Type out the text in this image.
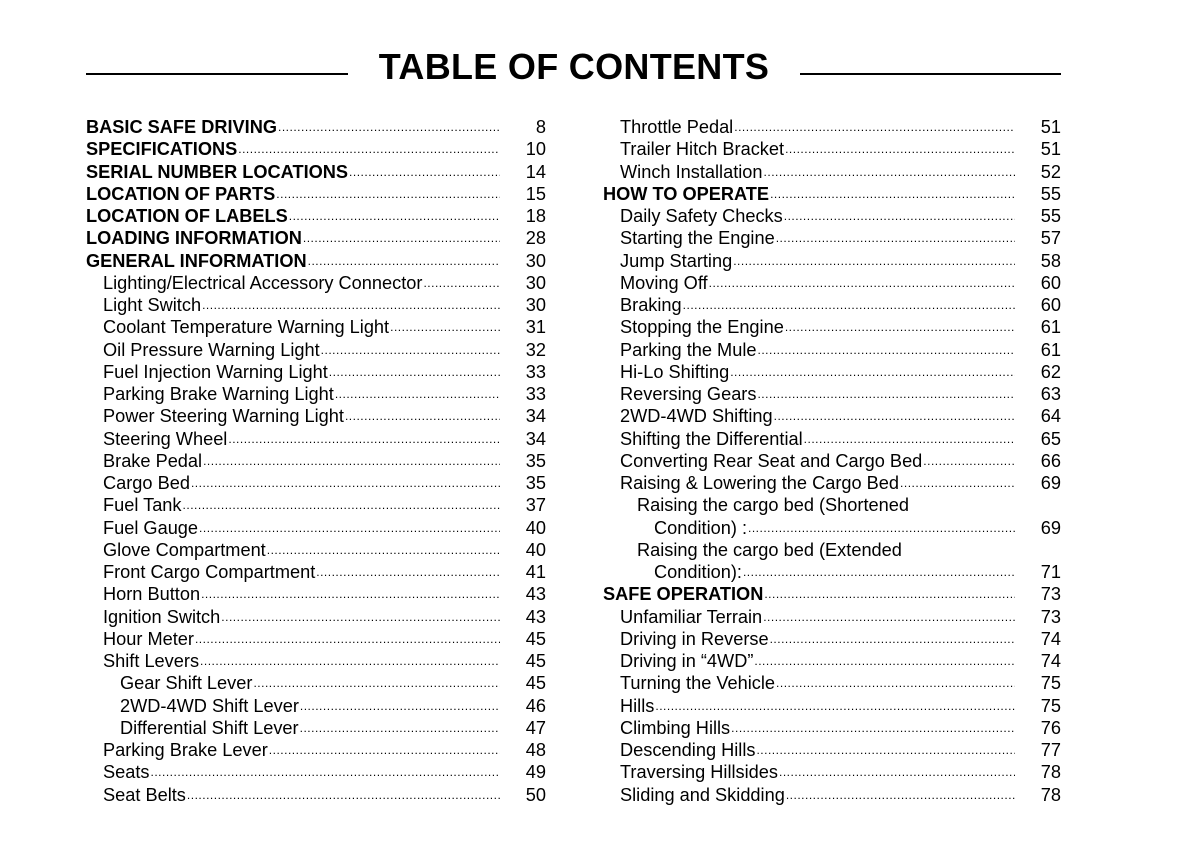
TABLE OF CONTENTS
BASIC SAFE DRIVING .....	8
SPECIFICATIONS .....	10
SERIAL NUMBER LOCATIONS .....	14
LOCATION OF PARTS .....	15
LOCATION OF LABELS .....	18
LOADING INFORMATION .....	28
GENERAL INFORMATION .....	30
Lighting/Electrical Accessory Connector .....	30
Light Switch .....	30
Coolant Temperature Warning Light .....	31
Oil Pressure Warning Light .....	32
Fuel Injection Warning Light .....	33
Parking Brake Warning Light .....	33
Power Steering Warning Light .....	34
Steering Wheel .....	34
Brake Pedal .....	35
Cargo Bed .....	35
Fuel Tank .....	37
Fuel Gauge .....	40
Glove Compartment .....	40
Front Cargo Compartment .....	41
Horn Button .....	43
Ignition Switch .....	43
Hour Meter .....	45
Shift Levers .....	45
Gear Shift Lever .....	45
2WD-4WD Shift Lever .....	46
Differential Shift Lever .....	47
Parking Brake Lever .....	48
Seats .....	49
Seat Belts .....	50
Throttle Pedal .....	51
Trailer Hitch Bracket .....	51
Winch Installation .....	52
HOW TO OPERATE .....	55
Daily Safety Checks .....	55
Starting the Engine .....	57
Jump Starting .....	58
Moving Off .....	60
Braking .....	60
Stopping the Engine .....	61
Parking the Mule .....	61
Hi-Lo Shifting .....	62
Reversing Gears .....	63
2WD-4WD Shifting .....	64
Shifting the Differential .....	65
Converting Rear Seat and Cargo Bed .....	66
Raising & Lowering the Cargo Bed .....	69
Raising the cargo bed (Shortened
Condition) : .....	69
Raising the cargo bed (Extended
Condition): .....	71
SAFE OPERATION .....	73
Unfamiliar Terrain .....	73
Driving in Reverse .....	74
Driving in “4WD” .....	74
Turning the Vehicle .....	75
Hills .....	75
Climbing Hills .....	76
Descending Hills .....	77
Traversing Hillsides .....	78
Sliding and Skidding .....	78
